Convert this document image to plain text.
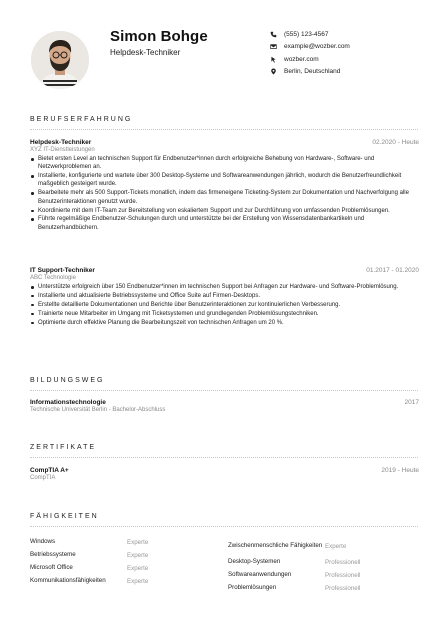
Simon Bohge
Helpdesk-Techniker
(555) 123-4567
example@wozber.com
wozber.com
Berlin, Deutschland
BERUFSERFAHRUNG
Helpdesk-Techniker	02.2020 - Heute
XYZ IT-Dienstleistungen
Bietet ersten Level an technischen Support für Endbenutzer*innen durch erfolgreiche Behebung von Hardware-, Software- und Netzwerkproblemen an.
Installierte, konfigurierte und wartete über 300 Desktop-Systeme und Softwareanwendungen jährlich, wodurch die Benutzerfreundlichkeit maßgeblich gesteigert wurde.
Bearbeitete mehr als 500 Support-Tickets monatlich, indem das firmeneigene Ticketing-System zur Dokumentation und Nachverfolgung alle Benutzerinteraktionen genutzt wurde.
Koordinierte mit dem IT-Team zur Bereitstellung von eskaliertem Support und zur Durchführung von umfassenden Problemlösungen.
Führte regelmäßige Endbenutzer-Schulungen durch und unterstützte bei der Erstellung von Wissensdatenbankartikeln und Benutzerhandbüchern.
IT Support-Techniker	01.2017 - 01.2020
ABC Technologie
Unterstützte erfolgreich über 150 Endbenutzer*innen im technischen Support bei Anfragen zur Hardware- und Software-Problemlösung.
Installierte und aktualisierte Betriebssysteme und Office Suite auf Firmen-Desktops.
Erstellte detaillierte Dokumentationen und Berichte über Benutzerinteraktionen zur kontinuierlichen Verbesserung.
Trainierte neue Mitarbeiter im Umgang mit Ticketsystemen und grundlegenden Problemlösungstechniken.
Optimierte durch effektive Planung die Bearbeitungszeit von technischen Anfragen um 20 %.
BILDUNGSWEG
Informationstechnologie	2017
Technische Universität Berlin - Bachelor-Abschluss
ZERTIFIKATE
CompTIA A+	2019 - Heute
CompTIA
FÄHIGKEITEN
Windows	Experte
Betriebssysteme	Experte
Microsoft Office	Experte
Kommunikationsfähigkeiten	Experte
Zwischenmenschliche Fähigkeiten Experte
Desktop-Systemen	Professionell
Softwareanwendungen	Professionell
Problemlösungen	Professionell
